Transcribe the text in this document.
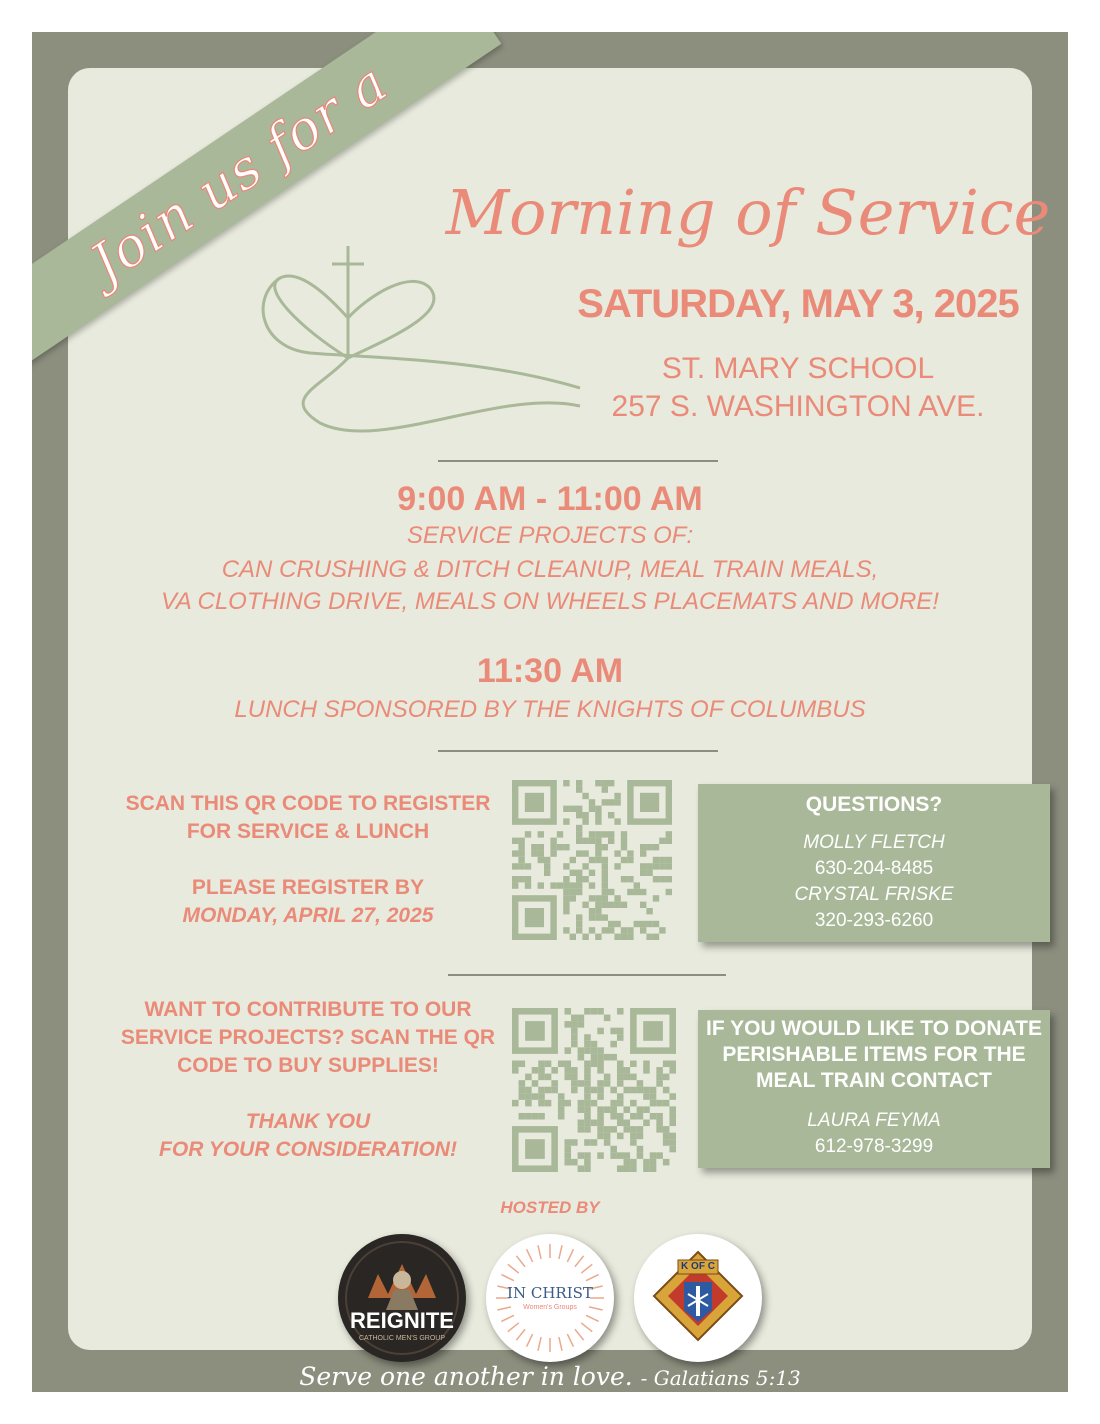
Morning of Service
SATURDAY, MAY 3, 2025
ST. MARY SCHOOL
257 S. WASHINGTON AVE.
9:00 AM - 11:00 AM
SERVICE PROJECTS OF:
CAN CRUSHING & DITCH CLEANUP, MEAL TRAIN MEALS,
VA CLOTHING DRIVE, MEALS ON WHEELS PLACEMATS AND MORE!
11:30 AM
LUNCH SPONSORED BY THE KNIGHTS OF COLUMBUS
SCAN THIS QR CODE TO REGISTER
FOR SERVICE & LUNCH
PLEASE REGISTER BY
MONDAY, APRIL 27, 2025
QUESTIONS?
MOLLY FLETCH
630-204-8485
CRYSTAL FRISKE
320-293-6260
WANT TO CONTRIBUTE TO OUR
SERVICE PROJECTS? SCAN THE QR
CODE TO BUY SUPPLIES!
THANK YOU
FOR YOUR CONSIDERATION!
IF YOU WOULD LIKE TO DONATE
PERISHABLE ITEMS FOR THE
MEAL TRAIN CONTACT
LAURA FEYMA
612-978-3299
HOSTED BY
REIGNITE
CATHOLIC MEN'S GROUP
IN CHRIST
Women's Groups
K OF C
Join us for a
Serve one another in love. - Galatians 5:13
